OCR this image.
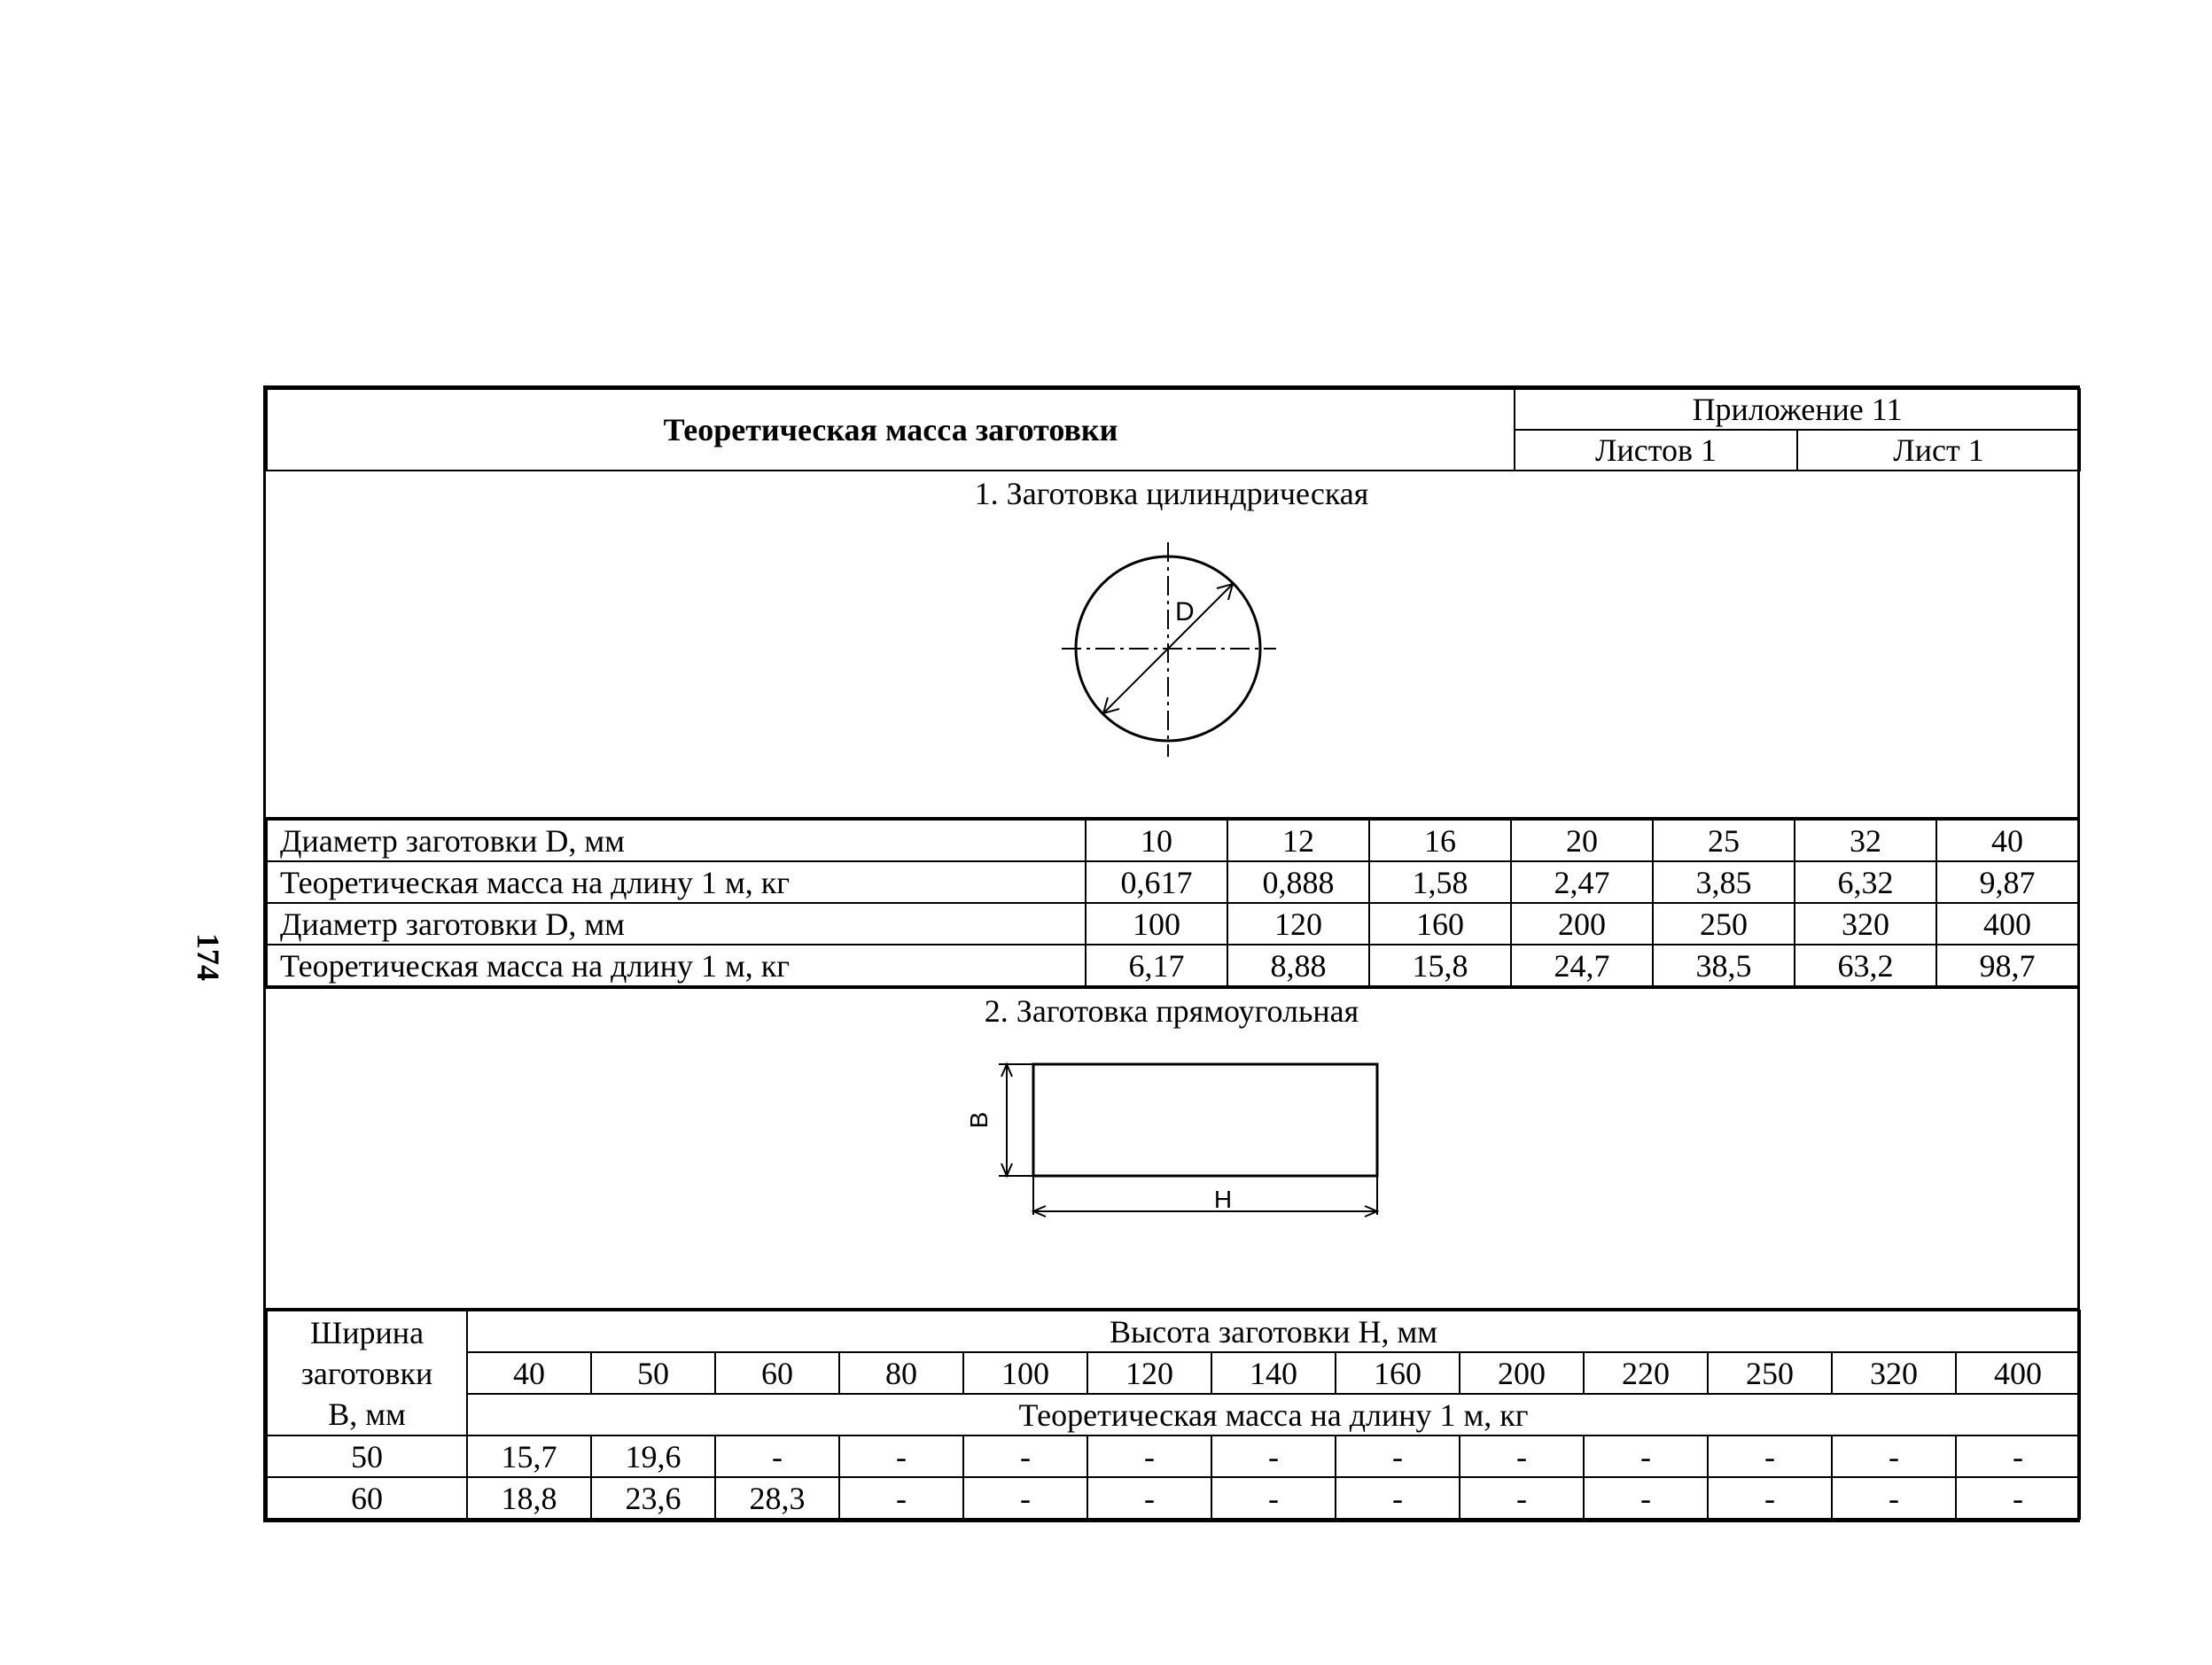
174
Теоретическая масса заготовки	Приложение 11	
	Листов 1	Лист 1
1. Заготовка цилиндрическая
D
Диаметр заготовки D, мм	10	12	16	20	25	32	40
Теоретическая масса на длину 1 м, кг	0,617	0,888	1,58	2,47	3,85	6,32	9,87
Диаметр заготовки D, мм	100	120	160	200	250	320	400
Теоретическая масса на длину 1 м, кг	6,17	8,88	15,8	24,7	38,5	63,2	98,7
2. Заготовка прямоугольная
B
H
Ширина
заготовки
В, мм	Высота заготовки Н, мм												
	40	50	60	80	100	120	140	160	200	220	250	320	400
	Теоретическая масса на длину 1 м, кг												
50	15,7	19,6	-	-	-	-	-	-	-	-	-	-	-
60	18,8	23,6	28,3	-	-	-	-	-	-	-	-	-	-
